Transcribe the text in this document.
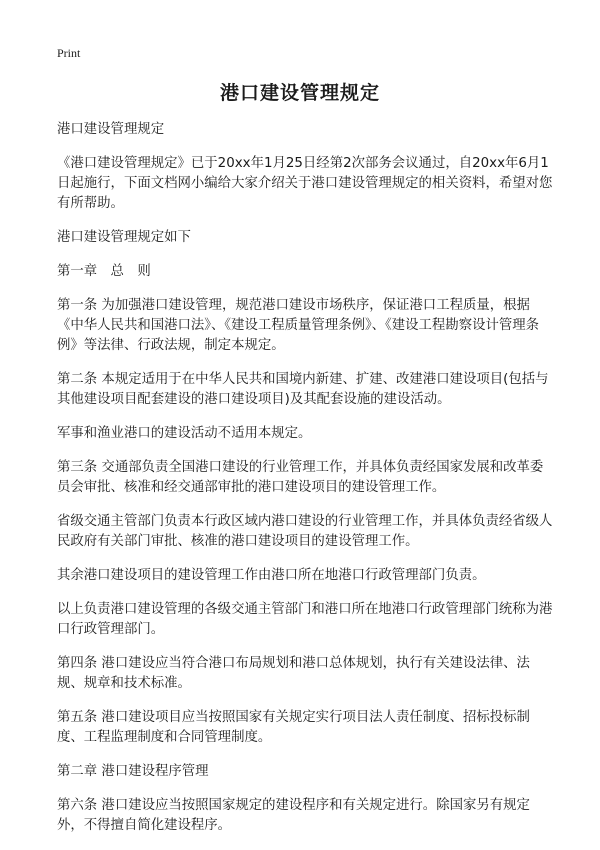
Print
港口建设管理规定

港口建设管理规定

《港口建设管理规定》已于20xx年1月25日经第2次部务会议通过，自20xx年6月1日起施行，下面文档网小编给大家介绍关于港口建设管理规定的相关资料，希望对您有所帮助。

港口建设管理规定如下

第一章　总　则

第一条 为加强港口建设管理，规范港口建设市场秩序，保证港口工程质量，根据《中华人民共和国港口法》、《建设工程质量管理条例》、《建设工程勘察设计管理条例》等法律、行政法规，制定本规定。

第二条 本规定适用于在中华人民共和国境内新建、扩建、改建港口建设项目(包括与其他建设项目配套建设的港口建设项目)及其配套设施的建设活动。

军事和渔业港口的建设活动不适用本规定。

第三条 交通部负责全国港口建设的行业管理工作，并具体负责经国家发展和改革委员会审批、核准和经交通部审批的港口建设项目的建设管理工作。

省级交通主管部门负责本行政区域内港口建设的行业管理工作，并具体负责经省级人民政府有关部门审批、核准的港口建设项目的建设管理工作。

其余港口建设项目的建设管理工作由港口所在地港口行政管理部门负责。

以上负责港口建设管理的各级交通主管部门和港口所在地港口行政管理部门统称为港口行政管理部门。

第四条 港口建设应当符合港口布局规划和港口总体规划，执行有关建设法律、法规、规章和技术标准。

第五条 港口建设项目应当按照国家有关规定实行项目法人责任制度、招标投标制度、工程监理制度和合同管理制度。

第二章 港口建设程序管理

第六条 港口建设应当按照国家规定的建设程序和有关规定进行。除国家另有规定外，不得擅自简化建设程序。
